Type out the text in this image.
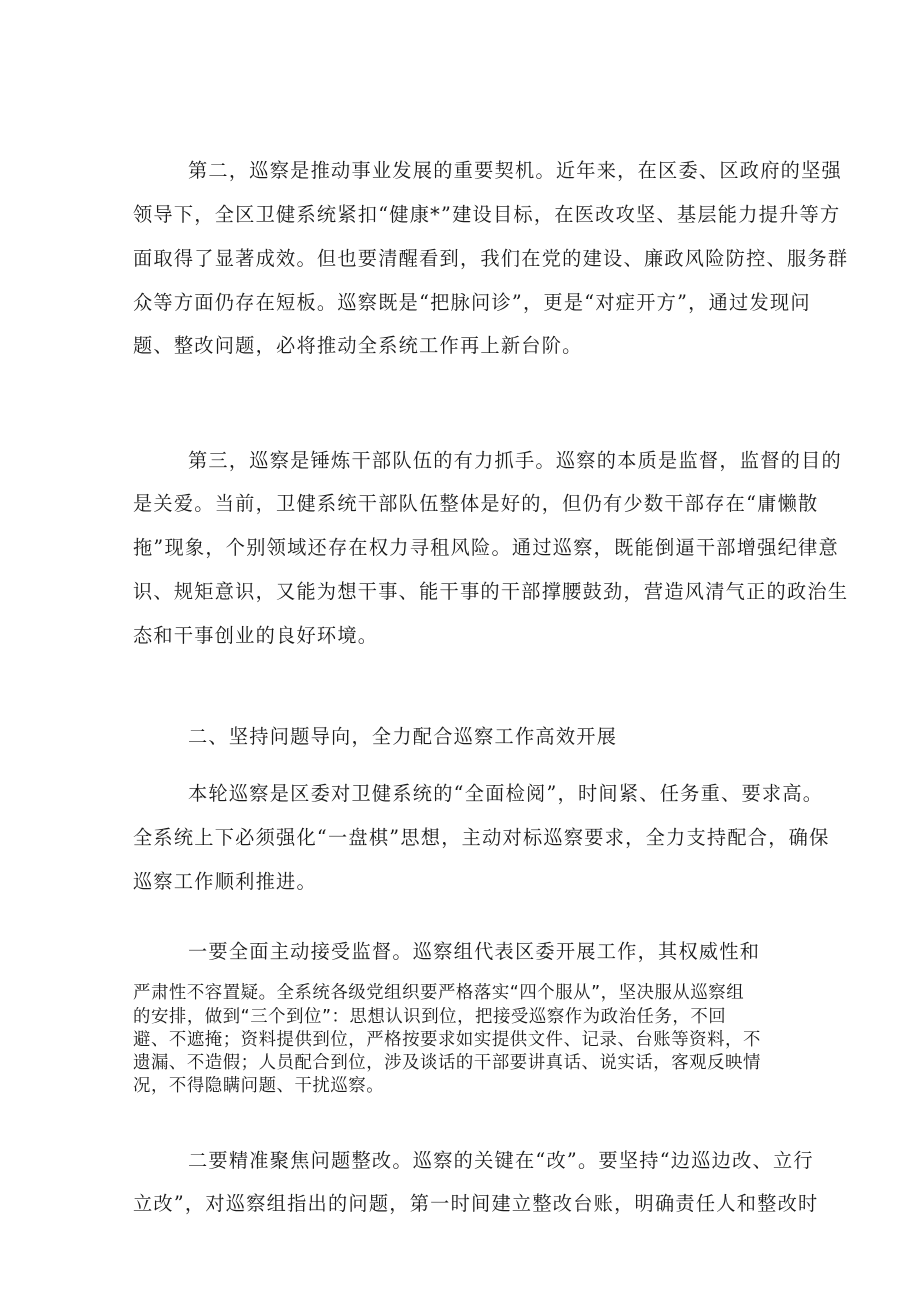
第二，巡察是推动事业发展的重要契机。近年来，在区委、区政府的坚强
领导下，全区卫健系统紧扣“健康*”建设目标，在医改攻坚、基层能力提升等方
面取得了显著成效。但也要清醒看到，我们在党的建设、廉政风险防控、服务群
众等方面仍存在短板。巡察既是“把脉问诊”，更是“对症开方”，通过发现问
题、整改问题，必将推动全系统工作再上新台阶。
第三，巡察是锤炼干部队伍的有力抓手。巡察的本质是监督，监督的目的
是关爱。当前，卫健系统干部队伍整体是好的，但仍有少数干部存在“庸懒散
拖”现象，个别领域还存在权力寻租风险。通过巡察，既能倒逼干部增强纪律意
识、规矩意识，又能为想干事、能干事的干部撑腰鼓劲，营造风清气正的政治生
态和干事创业的良好环境。
二、坚持问题导向，全力配合巡察工作高效开展
本轮巡察是区委对卫健系统的“全面检阅”，时间紧、任务重、要求高。
全系统上下必须强化“一盘棋”思想，主动对标巡察要求，全力支持配合，确保
巡察工作顺利推进。
一要全面主动接受监督。巡察组代表区委开展工作，其权威性和
严肃性不容置疑。全系统各级党组织要严格落实“四个服从”，坚决服从巡察组
的安排，做到“三个到位”：思想认识到位，把接受巡察作为政治任务，不回
避、不遮掩；资料提供到位，严格按要求如实提供文件、记录、台账等资料，不
遗漏、不造假；人员配合到位，涉及谈话的干部要讲真话、说实话，客观反映情
况，不得隐瞒问题、干扰巡察。
二要精准聚焦问题整改。巡察的关键在“改”。要坚持“边巡边改、立行
立改”，对巡察组指出的问题，第一时间建立整改台账，明确责任人和整改时
